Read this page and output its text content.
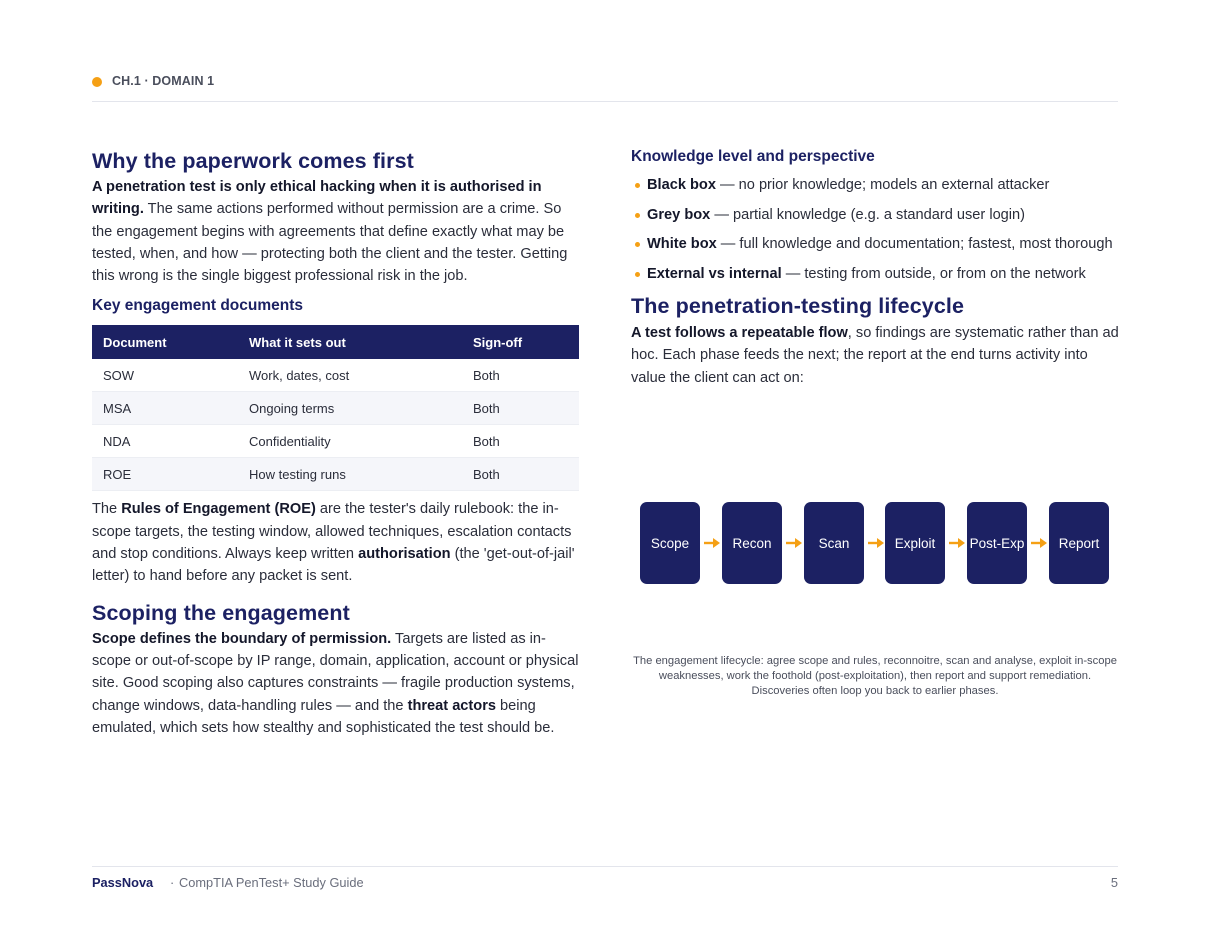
CH.1 · DOMAIN 1
Why the paperwork comes first

A penetration test is only ethical hacking when it is authorised in writing. The same actions performed without permission are a crime. So the engagement begins with agreements that define exactly what may be tested, when, and how — protecting both the client and the tester. Getting this wrong is the single biggest professional risk in the job.

Key engagement documents
Document	What it sets out	Sign-off
SOW	Work, dates, cost	Both
MSA	Ongoing terms	Both
NDA	Confidentiality	Both
ROE	How testing runs	Both

The Rules of Engagement (ROE) are the tester's daily rulebook: the in-scope targets, the testing window, allowed techniques, escalation contacts and stop conditions. Always keep written authorisation (the 'get-out-of-jail' letter) to hand before any packet is sent.

Scoping the engagement

Scope defines the boundary of permission. Targets are listed as in-scope or out-of-scope by IP range, domain, application, account or physical site. Good scoping also captures constraints — fragile production systems, change windows, data-handling rules — and the threat actors being emulated, which sets how stealthy and sophisticated the test should be.

Knowledge level and perspective
Black box — no prior knowledge; models an external attacker
Grey box — partial knowledge (e.g. a standard user login)
White box — full knowledge and documentation; fastest, most thorough
External vs internal — testing from outside, or from on the network
The penetration-testing lifecycle

A test follows a repeatable flow, so findings are systematic rather than ad hoc. Each phase feeds the next; the report at the end turns activity into value the client can act on:

Scope	Recon	Scan	Exploit	Post-Exp	Report
The engagement lifecycle: agree scope and rules, reconnoitre, scan and analyse, exploit in-scope weaknesses, work the foothold (post-exploitation), then report and support remediation. Discoveries often loop you back to earlier phases.
PassNova · CompTIA PenTest+ Study Guide	5
